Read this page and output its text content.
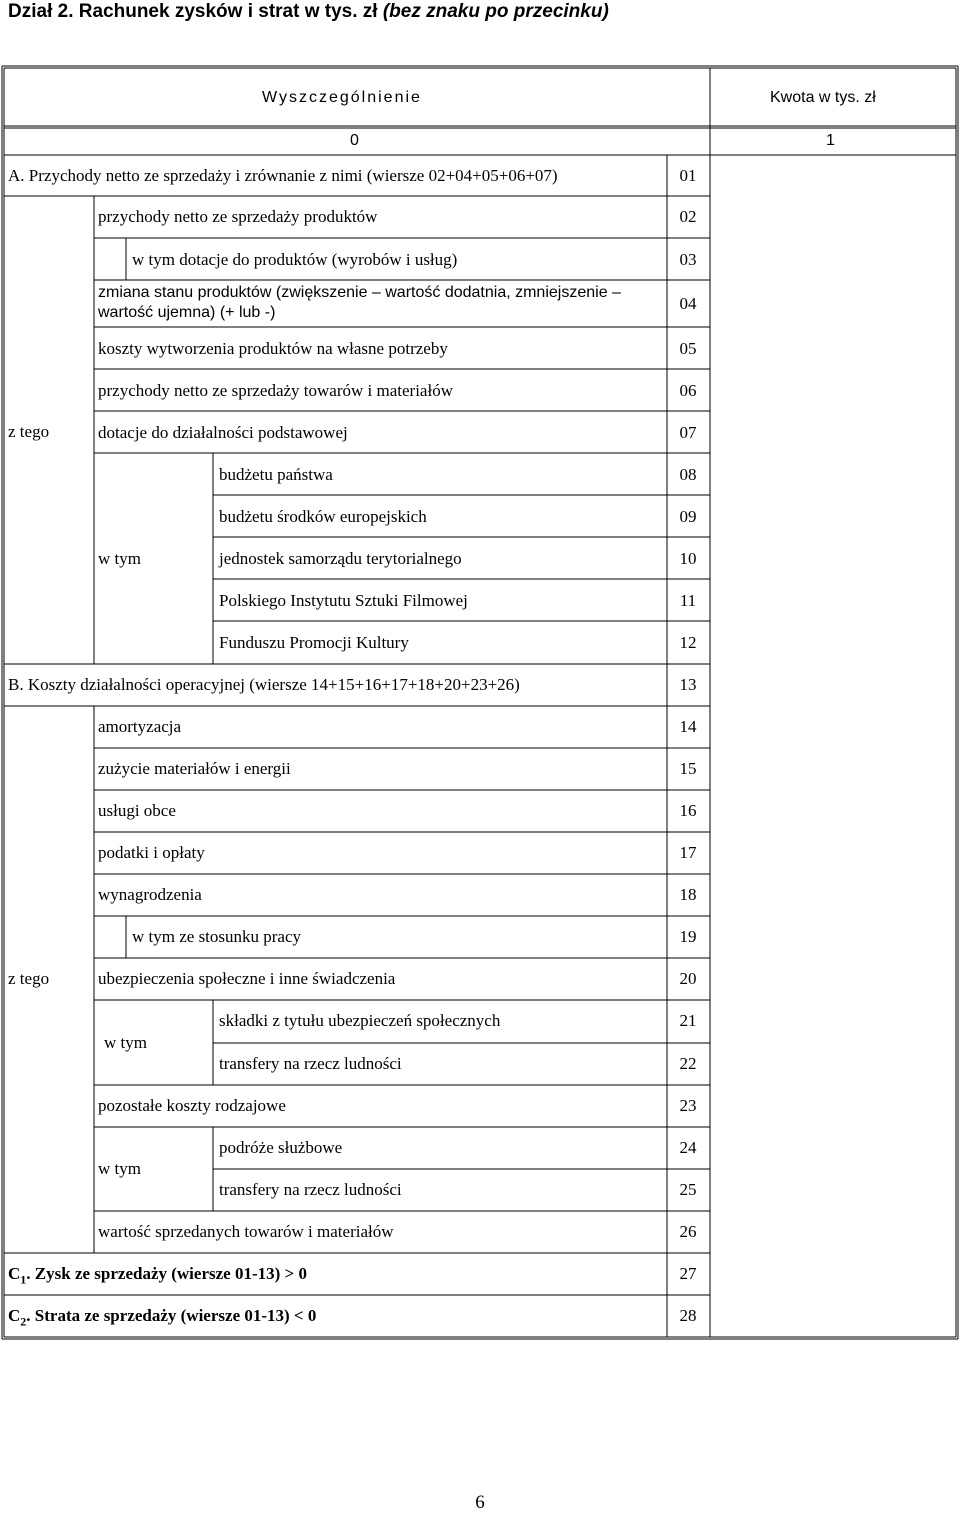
Dział 2. Rachunek zysków i strat w tys. zł (bez znaku po przecinku)
Wyszczególnienie	Kwota w tys. zł
0	1
A. Przychody netto ze sprzedaży i zrównanie z nimi (wiersze 02+04+05+06+07)	01
przychody netto ze sprzedaży produktów	02
w tym dotacje do produktów (wyrobów i usług)	03
zmiana stanu produktów (zwiększenie – wartość dodatnia, zmniejszenie – wartość ujemna) (+ lub -)	04
koszty wytworzenia produktów na własne potrzeby	05
przychody netto ze sprzedaży towarów i materiałów	06
z tego	dotacje do działalności podstawowej	07
budżetu państwa	08
budżetu środków europejskich	09
w tym	jednostek samorządu terytorialnego	10
Polskiego Instytutu Sztuki Filmowej	11
Funduszu Promocji Kultury	12
B. Koszty działalności operacyjnej (wiersze 14+15+16+17+18+20+23+26)	13
amortyzacja	14
zużycie materiałów i energii	15
usługi obce	16
podatki i opłaty	17
wynagrodzenia	18
w tym ze stosunku pracy	19
z tego	ubezpieczenia społeczne i inne świadczenia	20
w tym
składki z tytułu ubezpieczeń społecznych	21
transfery na rzecz ludności	22
pozostałe koszty rodzajowe	23
w tym
podróże służbowe	24
transfery na rzecz ludności	25
wartość sprzedanych towarów i materiałów	26
$C_1$. Zysk ze sprzedaży (wiersze 01-13) > 0	27
$C_2$. Strata ze sprzedaży (wiersze 01-13) < 0	28
6
